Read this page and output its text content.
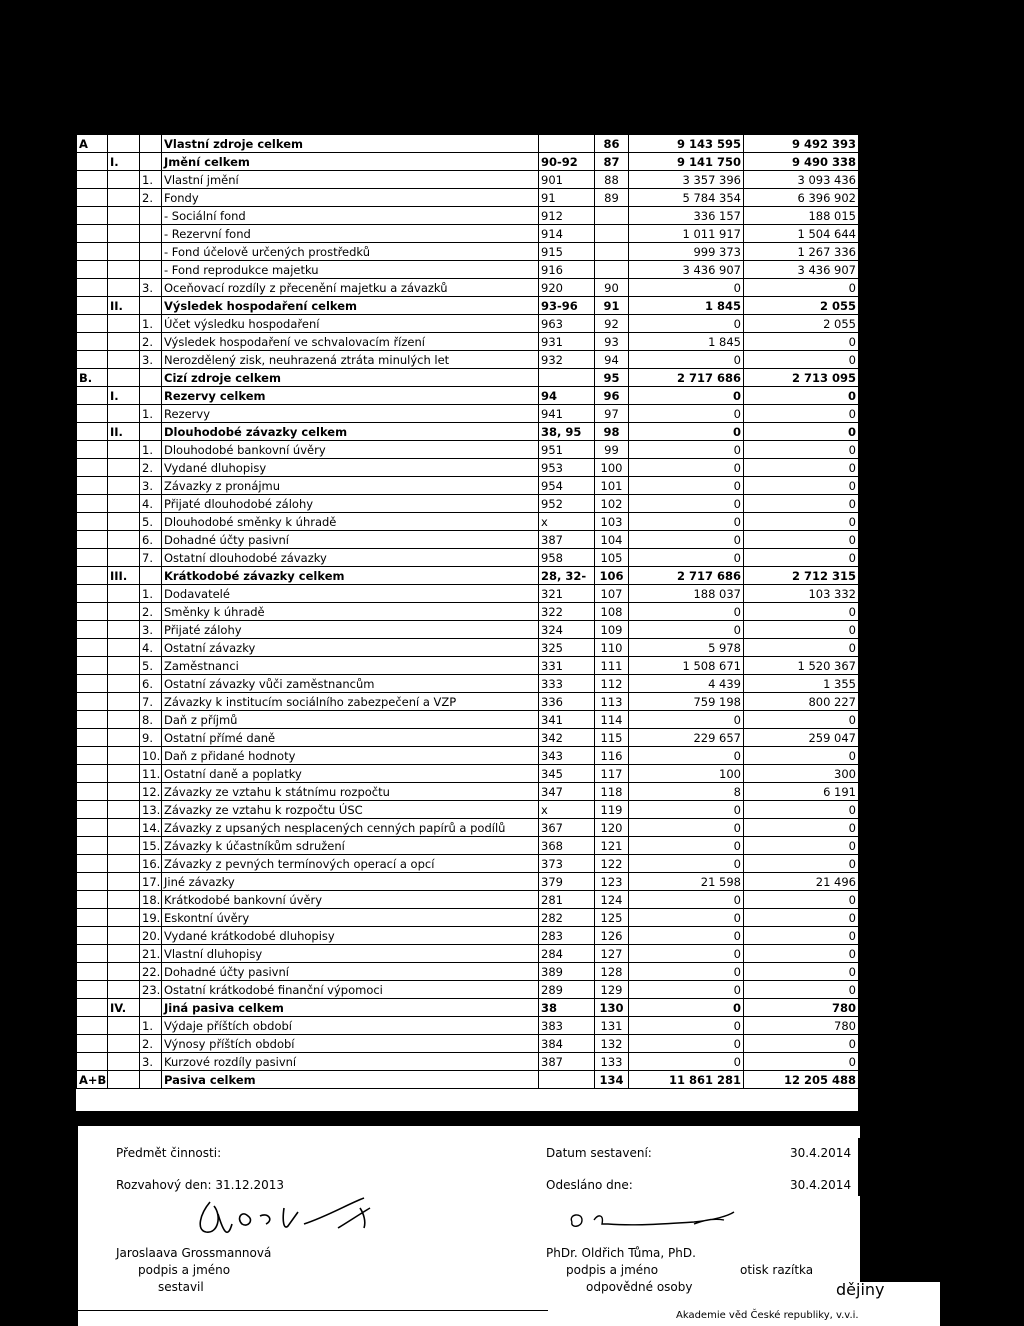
A			Vlastní zdroje celkem		86	9 143 595	9 492 393
	I.		Jmění celkem	90-92	87	9 141 750	9 490 338
		1.	Vlastní jmění	901	88	3 357 396	3 093 436
		2.	Fondy	91	89	5 784 354	6 396 902
			- Sociální fond	912		336 157	188 015
			- Rezervní fond	914		1 011 917	1 504 644
			- Fond účelově určených prostředků	915		999 373	1 267 336
			- Fond reprodukce majetku	916		3 436 907	3 436 907
		3.	Oceňovací rozdíly z přecenění majetku a závazků	920	90	0	0
	II.		Výsledek hospodaření celkem	93-96	91	1 845	2 055
		1.	Účet výsledku hospodaření	963	92	0	2 055
		2.	Výsledek hospodaření ve schvalovacím řízení	931	93	1 845	0
		3.	Nerozdělený zisk, neuhrazená ztráta minulých let	932	94	0	0
B.			Cizí zdroje celkem		95	2 717 686	2 713 095
	I.		Rezervy celkem	94	96	0	0
		1.	Rezervy	941	97	0	0
	II.		Dlouhodobé závazky celkem	38, 95	98	0	0
		1.	Dlouhodobé bankovní úvěry	951	99	0	0
		2.	Vydané dluhopisy	953	100	0	0
		3.	Závazky z pronájmu	954	101	0	0
		4.	Přijaté dlouhodobé zálohy	952	102	0	0
		5.	Dlouhodobé směnky k úhradě	x	103	0	0
		6.	Dohadné účty pasivní	387	104	0	0
		7.	Ostatní dlouhodobé závazky	958	105	0	0
	III.		Krátkodobé závazky celkem	28, 32-	106	2 717 686	2 712 315
		1.	Dodavatelé	321	107	188 037	103 332
		2.	Směnky k úhradě	322	108	0	0
		3.	Přijaté zálohy	324	109	0	0
		4.	Ostatní závazky	325	110	5 978	0
		5.	Zaměstnanci	331	111	1 508 671	1 520 367
		6.	Ostatní závazky vůči zaměstnancům	333	112	4 439	1 355
		7.	Závazky k institucím sociálního zabezpečení a VZP	336	113	759 198	800 227
		8.	Daň z příjmů	341	114	0	0
		9.	Ostatní přímé daně	342	115	229 657	259 047
		10.	Daň z přidané hodnoty	343	116	0	0
		11.	Ostatní daně a poplatky	345	117	100	300
		12.	Závazky ze vztahu k státnímu rozpočtu	347	118	8	6 191
		13.	Závazky ze vztahu k rozpočtu ÚSC	x	119	0	0
		14.	Závazky z upsaných nesplacených cenných papírů a podílů	367	120	0	0
		15.	Závazky k účastníkům sdružení	368	121	0	0
		16.	Závazky z pevných termínových operací a opcí	373	122	0	0
		17.	Jiné závazky	379	123	21 598	21 496
		18.	Krátkodobé bankovní úvěry	281	124	0	0
		19.	Eskontní úvěry	282	125	0	0
		20.	Vydané krátkodobé dluhopisy	283	126	0	0
		21.	Vlastní dluhopisy	284	127	0	0
		22.	Dohadné účty pasivní	389	128	0	0
		23.	Ostatní krátkodobé finanční výpomoci	289	129	0	0
	IV.		Jiná pasiva celkem	38	130	0	780
		1.	Výdaje příštích období	383	131	0	780
		2.	Výnosy příštích období	384	132	0	0
		3.	Kurzové rozdíly pasivní	387	133	0	0
A+B			Pasiva celkem		134	11 861 281	12 205 488
Předmět činnosti:
Rozvahový den: 31.12.2013
Datum sestavení:	30.4.2014
Odesláno dne:	30.4.2014
Jaroslaava Grossmannová
podpis a jméno
sestavil
PhDr. Oldřich Tůma, PhD.
podpis a jméno
odpovědné osoby
otisk razítka
dějiny
Akademie věd České republiky, v.v.i.
